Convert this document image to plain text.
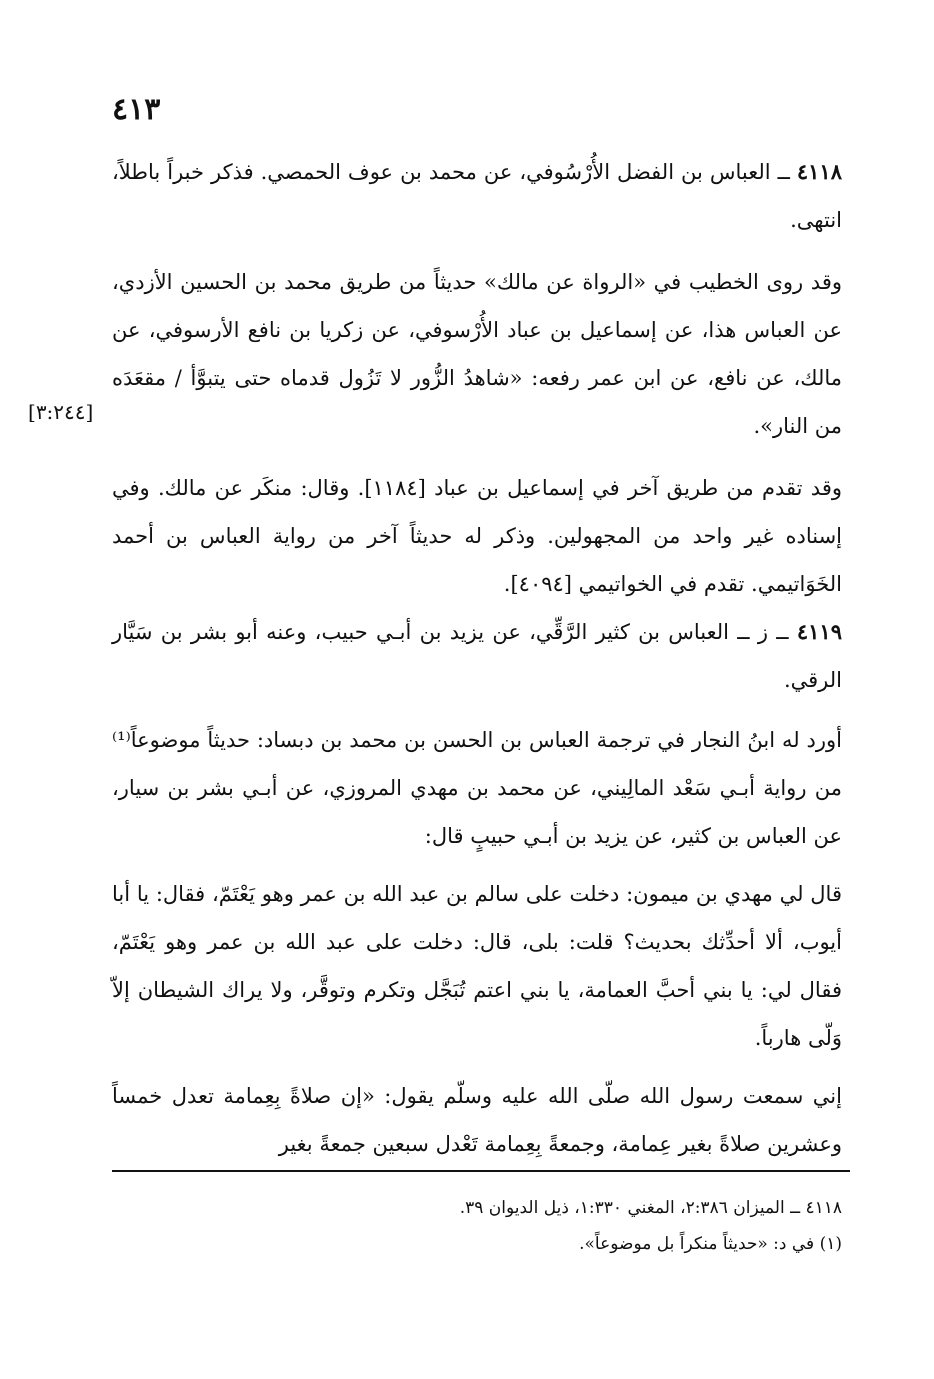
٤١٣
٤١١٨ ــ العباس بن الفضل الأُرْسُوفي، عن محمد بن عوف الحمصي. فذكر خبراً باطلاً، انتهى.
وقد روى الخطيب في «الرواة عن مالك» حديثاً من طريق محمد بن الحسين الأزدي، عن العباس هذا، عن إسماعيل بن عباد الأُرْسوفي، عن زكريا بن نافع الأرسوفي، عن مالك، عن نافع، عن ابن عمر رفعه: «شاهدُ الزُّور لا تَزُول قدماه حتى يتبوَّأ / مقعَدَه من النار».
[٣:٢٤٤]
وقد تقدم من طريق آخر في إسماعيل بن عباد [١١٨٤]. وقال: منكَر عن مالك. وفي إسناده غير واحد من المجهولين. وذكر له حديثاً آخر من رواية العباس بن أحمد الخَوَاتيمي. تقدم في الخواتيمي [٤٠٩٤].
٤١١٩ ــ ز ــ العباس بن كثير الرَّقِّي، عن يزيد بن أبـي حبيب، وعنه أبو بشر بن سَيَّار الرقي.
أورد له ابنُ النجار في ترجمة العباس بن الحسن بن محمد بن دبساد: حديثاً موضوعاً⁽¹⁾ من رواية أبـي سَعْد المالِيني، عن محمد بن مهدي المروزي، عن أبـي بشر بن سيار، عن العباس بن كثير، عن يزيد بن أبـي حبيبٍ قال:
قال لي مهدي بن ميمون: دخلت على سالم بن عبد الله بن عمر وهو يَعْتَمّ، فقال: يا أبا أيوب، ألا أحدِّثك بحديث؟ قلت: بلى، قال: دخلت على عبد الله بن عمر وهو يَعْتَمّ، فقال لي: يا بني أحبَّ العمامة، يا بني اعتم تُبَجَّل وتكرم وتوقَّر، ولا يراك الشيطان إلاّ وَلّى هارباً.
إني سمعت رسول الله صلّى الله عليه وسلّم يقول: «إن صلاةً بِعِمامة تعدل خمساً وعشرين صلاةً بغير عِمامة، وجمعةً بِعِمامة تَعْدل سبعين جمعةً بغير
٤١١٨ ــ الميزان ٢:٣٨٦، المغني ١:٣٣٠، ذيل الديوان ٣٩.
(١) في د: «حديثاً منكراً بل موضوعاً».
